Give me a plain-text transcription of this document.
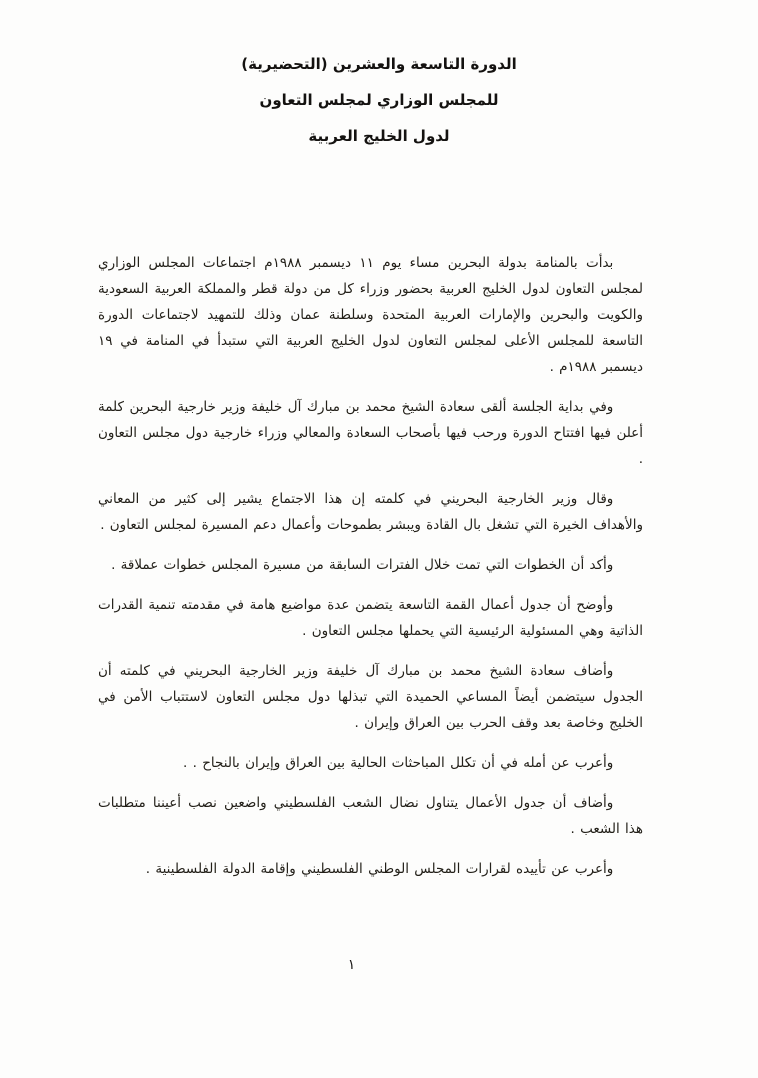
الدورة التاسعة والعشرين (التحضيرية)
للمجلس الوزاري لمجلس التعاون
لدول الخليج العربية

بدأت بالمنامة بدولة البحرين مساء يوم ١١ ديسمبر ١٩٨٨م اجتماعات المجلس الوزاري لمجلس التعاون لدول الخليج العربية بحضور وزراء كل من دولة قطر والمملكة العربية السعودية والكويت والبحرين والإمارات العربية المتحدة وسلطنة عمان وذلك للتمهيد لاجتماعات الدورة التاسعة للمجلس الأعلى لمجلس التعاون لدول الخليج العربية التي ستبدأ في المنامة في ١٩ ديسمبر ١٩٨٨م .

وفي بداية الجلسة ألقى سعادة الشيخ محمد بن مبارك آل خليفة وزير خارجية البحرين كلمة أعلن فيها افتتاح الدورة ورحب فيها بأصحاب السعادة والمعالي وزراء خارجية دول مجلس التعاون .

وقال وزير الخارجية البحريني في كلمته إن هذا الاجتماع يشير إلى كثير من المعاني والأهداف الخيرة التي تشغل بال القادة ويبشر بطموحات وأعمال دعم المسيرة لمجلس التعاون .

وأكد أن الخطوات التي تمت خلال الفترات السابقة من مسيرة المجلس خطوات عملاقة .

وأوضح أن جدول أعمال القمة التاسعة يتضمن عدة مواضيع هامة في مقدمته تنمية القدرات الذاتية وهي المسئولية الرئيسية التي يحملها مجلس التعاون .

وأضاف سعادة الشيخ محمد بن مبارك آل خليفة وزير الخارجية البحريني في كلمته أن الجدول سيتضمن أيضاً المساعي الحميدة التي تبذلها دول مجلس التعاون لاستتباب الأمن في الخليج وخاصة بعد وقف الحرب بين العراق وإيران .

وأعرب عن أمله في أن تكلل المباحثات الحالية بين العراق وإيران بالنجاح . .

وأضاف أن جدول الأعمال يتناول نضال الشعب الفلسطيني واضعين نصب أعيننا متطلبات هذا الشعب .

وأعرب عن تأييده لقرارات المجلس الوطني الفلسطيني وإقامة الدولة الفلسطينية .

١
